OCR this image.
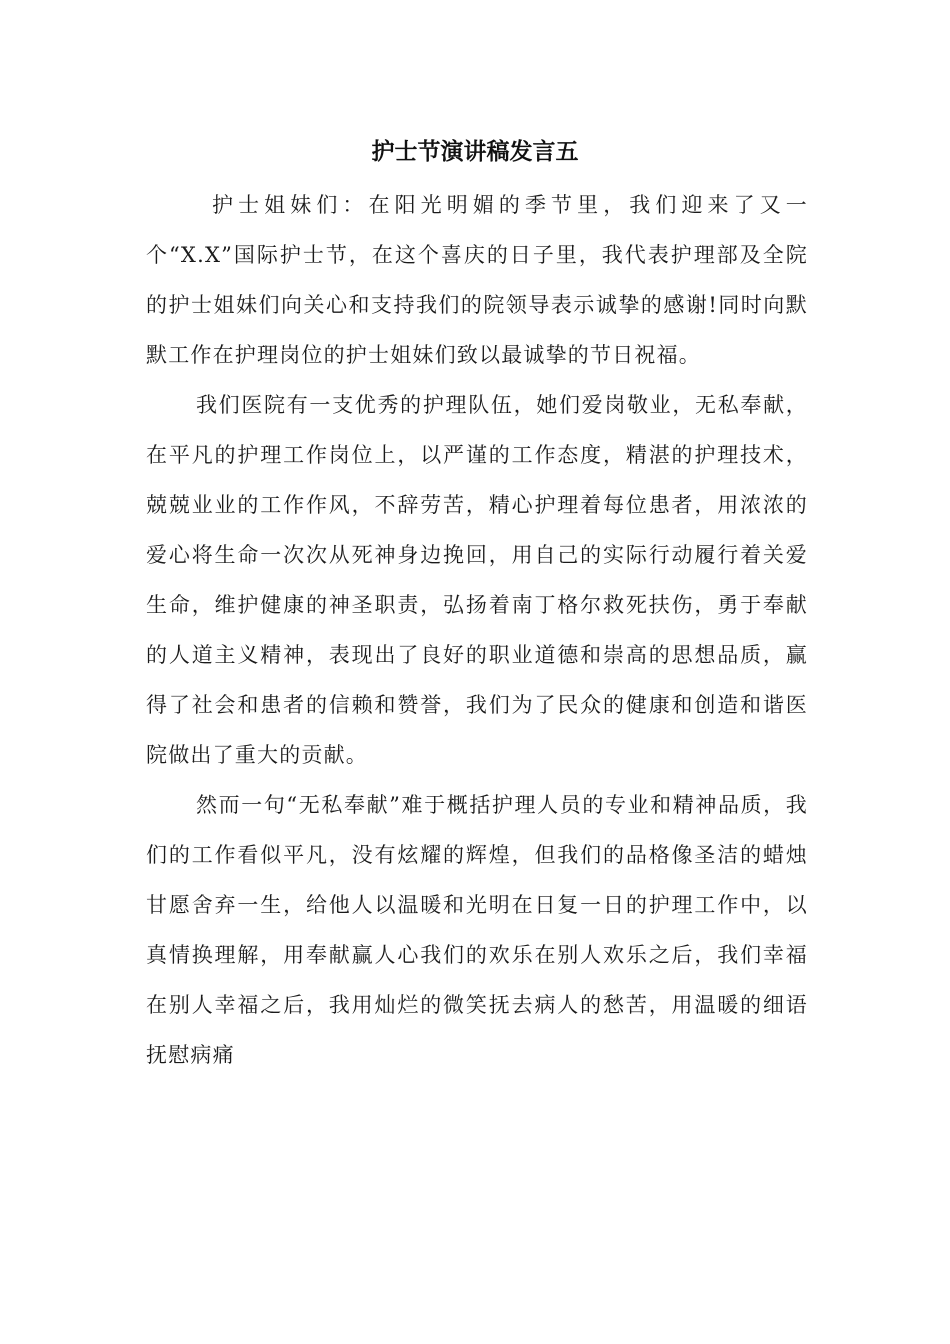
护士节演讲稿发言五

护士姐妹们：在阳光明媚的季节里，我们迎来了又一个“X.X”国际护士节，在这个喜庆的日子里，我代表护理部及全院的护士姐妹们向关心和支持我们的院领导表示诚挚的感谢!同时向默默工作在护理岗位的护士姐妹们致以最诚挚的节日祝福。

我们医院有一支优秀的护理队伍，她们爱岗敬业，无私奉献，在平凡的护理工作岗位上，以严谨的工作态度，精湛的护理技术，兢兢业业的工作作风，不辞劳苦，精心护理着每位患者，用浓浓的爱心将生命一次次从死神身边挽回，用自己的实际行动履行着关爱生命，维护健康的神圣职责，弘扬着南丁格尔救死扶伤，勇于奉献的人道主义精神，表现出了良好的职业道德和崇高的思想品质，赢得了社会和患者的信赖和赞誉，我们为了民众的健康和创造和谐医院做出了重大的贡献。

然而一句“无私奉献”难于概括护理人员的专业和精神品质，我们的工作看似平凡，没有炫耀的辉煌，但我们的品格像圣洁的蜡烛甘愿舍弃一生，给他人以温暖和光明在日复一日的护理工作中，以真情换理解，用奉献赢人心我们的欢乐在别人欢乐之后，我们幸福在别人幸福之后，我用灿烂的微笑抚去病人的愁苦，用温暖的细语抚慰病痛
